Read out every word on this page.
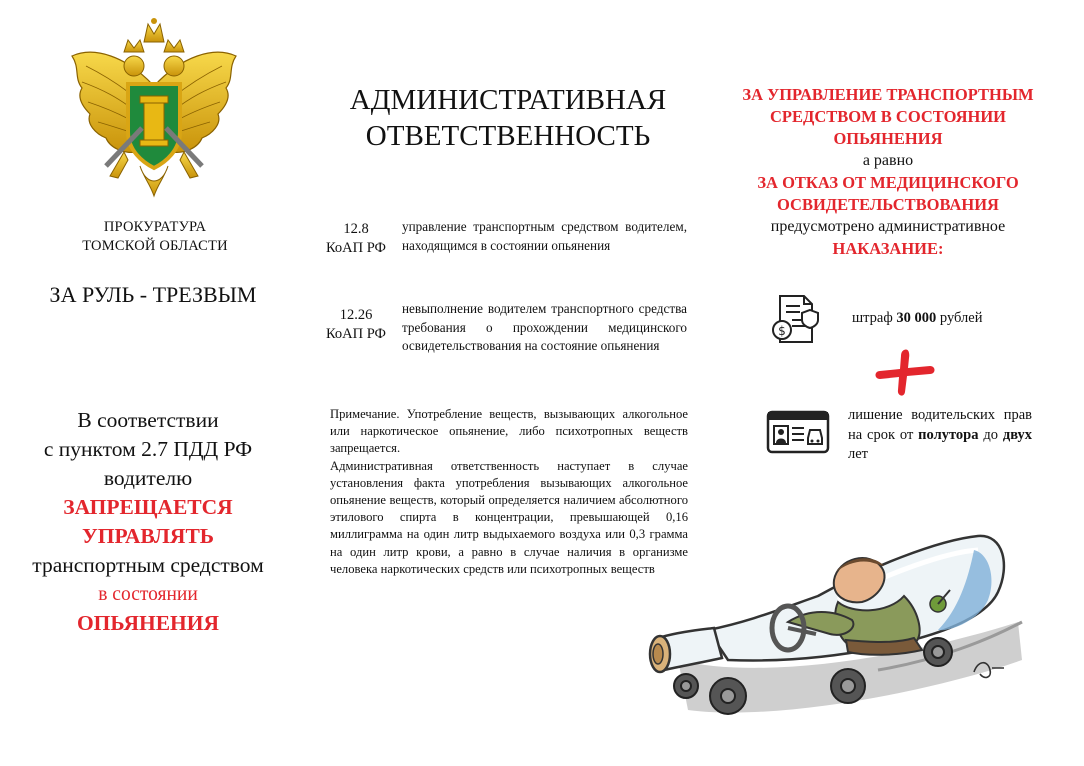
ПРОКУРАТУРА
ТОМСКОЙ ОБЛАСТИ
ЗА РУЛЬ - ТРЕЗВЫМ
В соответствии
с пунктом 2.7 ПДД РФ
водителю
ЗАПРЕЩАЕТСЯ
УПРАВЛЯТЬ
транспортным средством
в состоянии
ОПЬЯНЕНИЯ
АДМИНИСТРАТИВНАЯ
ОТВЕТСТВЕННОСТЬ
12.8
КоАП РФ
управление транспортным средством водителем, находящимся в состоянии опьянения
12.26
КоАП РФ
невыполнение водителем транспортного средства требования о прохождении медицинского освидетельствования на состояние опьянения

Примечание. Употребление веществ, вызывающих алкогольное или наркотическое опьянение, либо психотропных веществ запрещается.

Административная ответственность наступает в случае установления факта употребления вызывающих алкогольное опьянение веществ, который определяется наличием абсолютного этилового спирта в концентрации, превышающей 0,16 миллиграмма на один литр выдыхаемого воздуха или 0,3 грамма на один литр крови, а равно в случае наличия в организме человека наркотических средств или психотропных веществ

ЗА УПРАВЛЕНИЕ ТРАНСПОРТНЫМ
СРЕДСТВОМ В СОСТОЯНИИ
ОПЬЯНЕНИЯ
а равно
ЗА ОТКАЗ ОТ МЕДИЦИНСКОГО
ОСВИДЕТЕЛЬСТВОВАНИЯ
предусмотрено административное
НАКАЗАНИЕ:
$
штраф 30 000 рублей
лишение водительских прав на срок от полутора до двух лет
